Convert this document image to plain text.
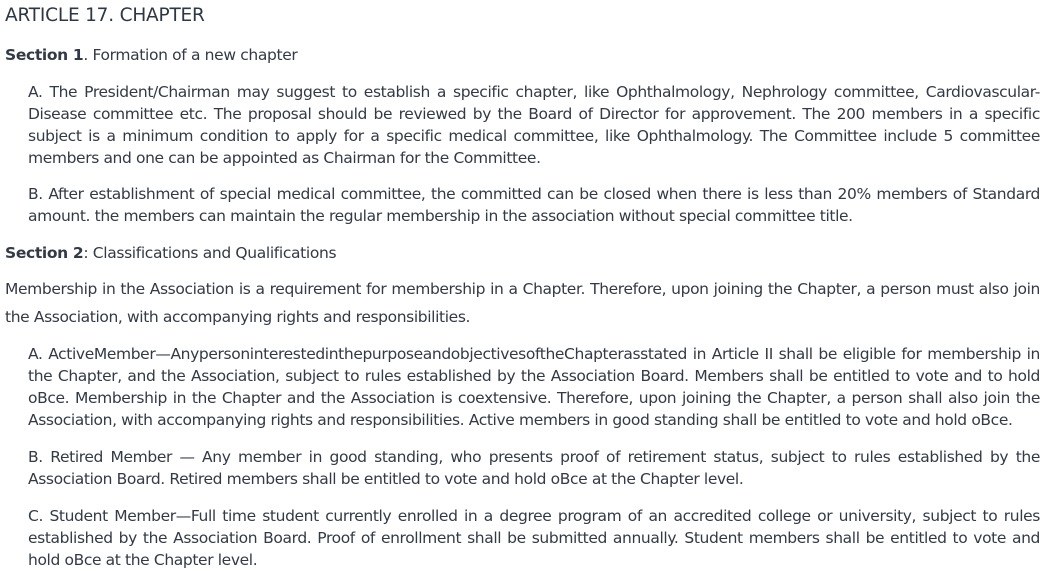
ARTICLE 17. CHAPTER
Section 1. Formation of a new chapter
A. The President/Chairman may suggest to establish a specific chapter, like Ophthalmology, Nephrology committee, Cardiovascular-Disease committee etc. The proposal should be reviewed by the Board of Director for approvement. The 200 members in a specific subject is a minimum condition to apply for a specific medical committee, like Ophthalmology. The Committee include 5 committee members and one can be appointed as Chairman for the Committee.
B. After establishment of special medical committee, the committed can be closed when there is less than 20% members of Standard amount. the members can maintain the regular membership in the association without special committee title.
Section 2: Classifications and Qualifications
Membership in the Association is a requirement for membership in a Chapter. Therefore, upon joining the Chapter, a person must also join the Association, with accompanying rights and responsibilities.
A. ActiveMember—AnypersoninterestedinthepurposeandobjectivesoftheChapterasstated in Article II shall be eligible for membership in the Chapter, and the Association, subject to rules established by the Association Board. Members shall be entitled to vote and to hold oBce. Membership in the Chapter and the Association is coextensive. Therefore, upon joining the Chapter, a person shall also join the Association, with accompanying rights and responsibilities. Active members in good standing shall be entitled to vote and hold oBce.
B. Retired Member — Any member in good standing, who presents proof of retirement status, subject to rules established by the Association Board. Retired members shall be entitled to vote and hold oBce at the Chapter level.
C. Student Member—Full time student currently enrolled in a degree program of an accredited college or university, subject to rules established by the Association Board. Proof of enrollment shall be submitted annually. Student members shall be entitled to vote and hold oBce at the Chapter level.
